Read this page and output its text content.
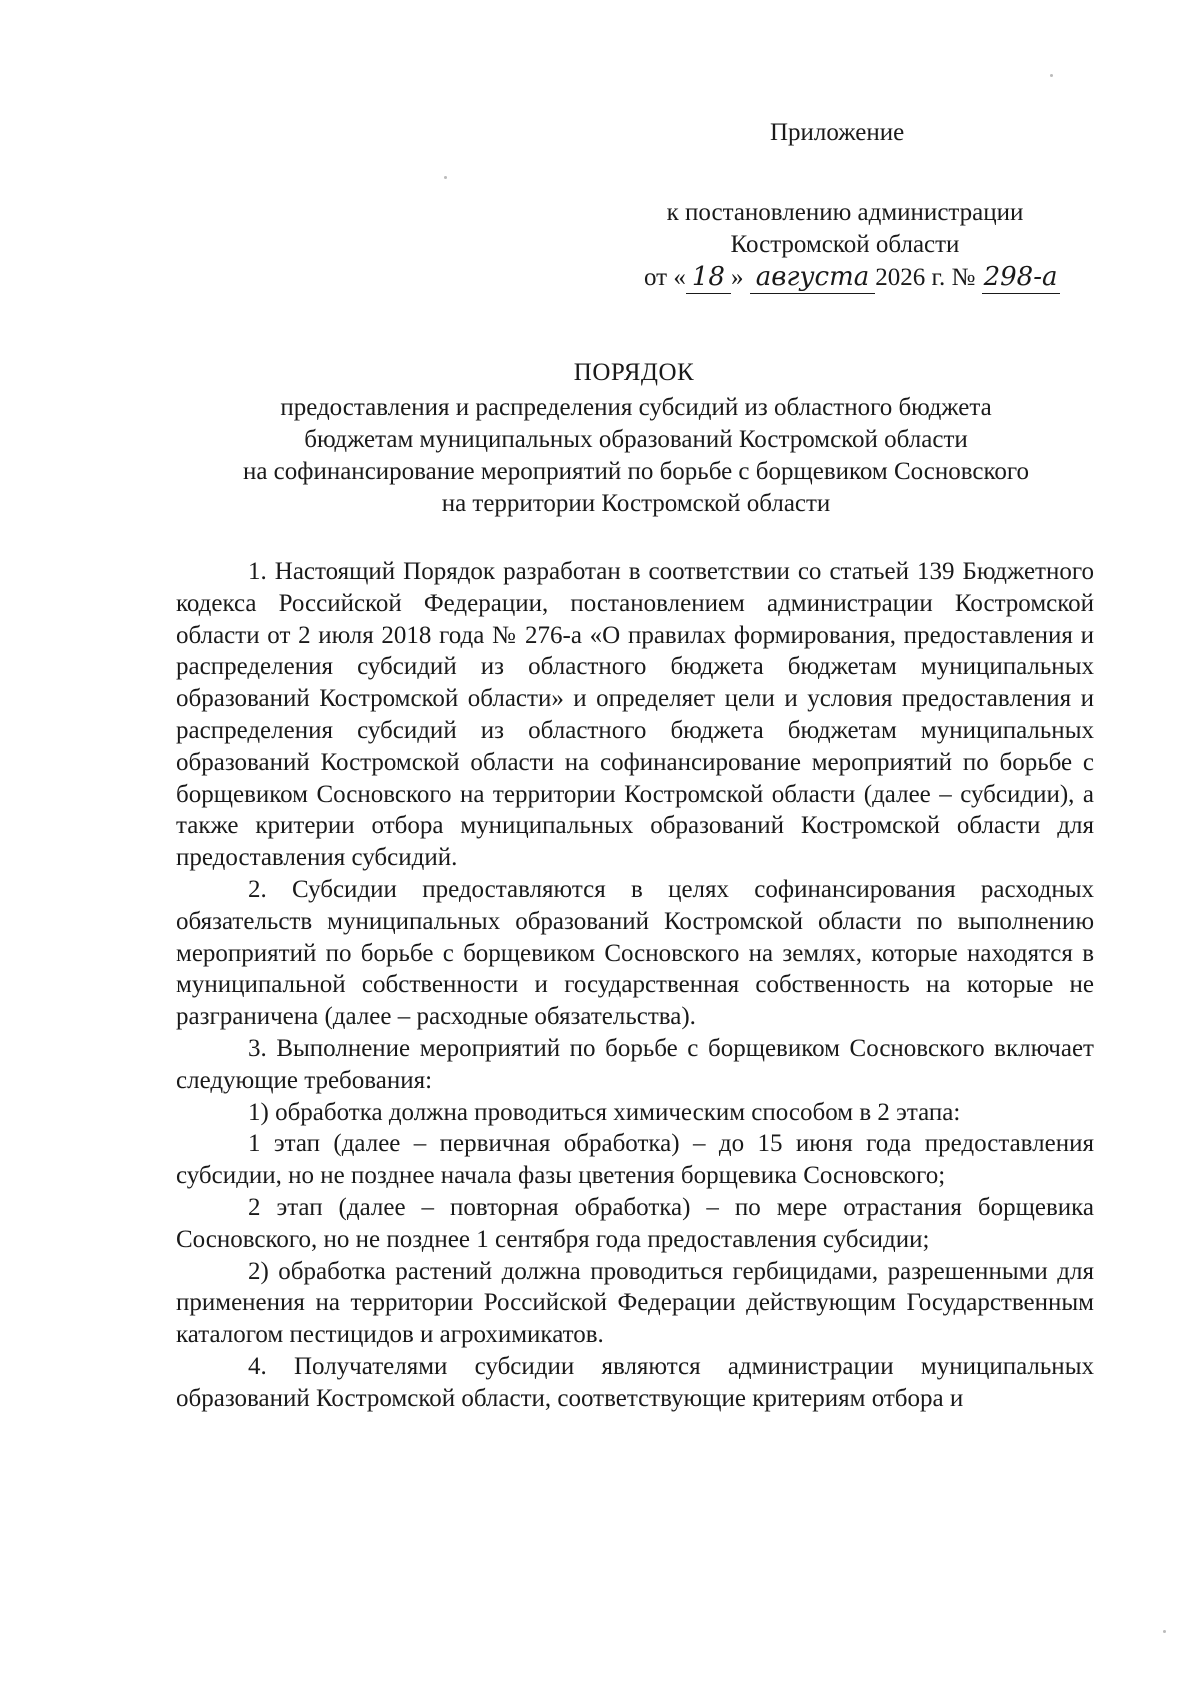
Приложение
к постановлению администрации
Костромской области
от « 18 » августа 2026 г. № 298-а
ПОРЯДОК
предоставления и распределения субсидий из областного бюджета
бюджетам муниципальных образований Костромской области
на софинансирование мероприятий по борьбе с борщевиком Сосновского
на территории Костромской области

1. Настоящий Порядок разработан в соответствии со статьей 139 Бюджетного кодекса Российской Федерации, постановлением администрации Костромской области от 2 июля 2018 года № 276-а «О правилах формирования, предоставления и распределения субсидий из областного бюджета бюджетам муниципальных образований Костромской области» и определяет цели и условия предоставления и распределения субсидий из областного бюджета бюджетам муниципальных образований Костромской области на софинансирование мероприятий по борьбе с борщевиком Сосновского на территории Костромской области (далее – субсидии), а также критерии отбора муниципальных образований Костромской области для предоставления субсидий.

2. Субсидии предоставляются в целях софинансирования расходных обязательств муниципальных образований Костромской области по выполнению мероприятий по борьбе с борщевиком Сосновского на землях, которые находятся в муниципальной собственности и государственная собственность на которые не разграничена (далее – расходные обязательства).

3. Выполнение мероприятий по борьбе с борщевиком Сосновского включает следующие требования:

1) обработка должна проводиться химическим способом в 2 этапа:

1 этап (далее – первичная обработка) – до 15 июня года предоставления субсидии, но не позднее начала фазы цветения борщевика Сосновского;

2 этап (далее – повторная обработка) – по мере отрастания борщевика Сосновского, но не позднее 1 сентября года предоставления субсидии;

2) обработка растений должна проводиться гербицидами, разрешенными для применения на территории Российской Федерации действующим Государственным каталогом пестицидов и агрохимикатов.

4. Получателями субсидии являются администрации муниципальных образований Костромской области, соответствующие критериям отбора и
